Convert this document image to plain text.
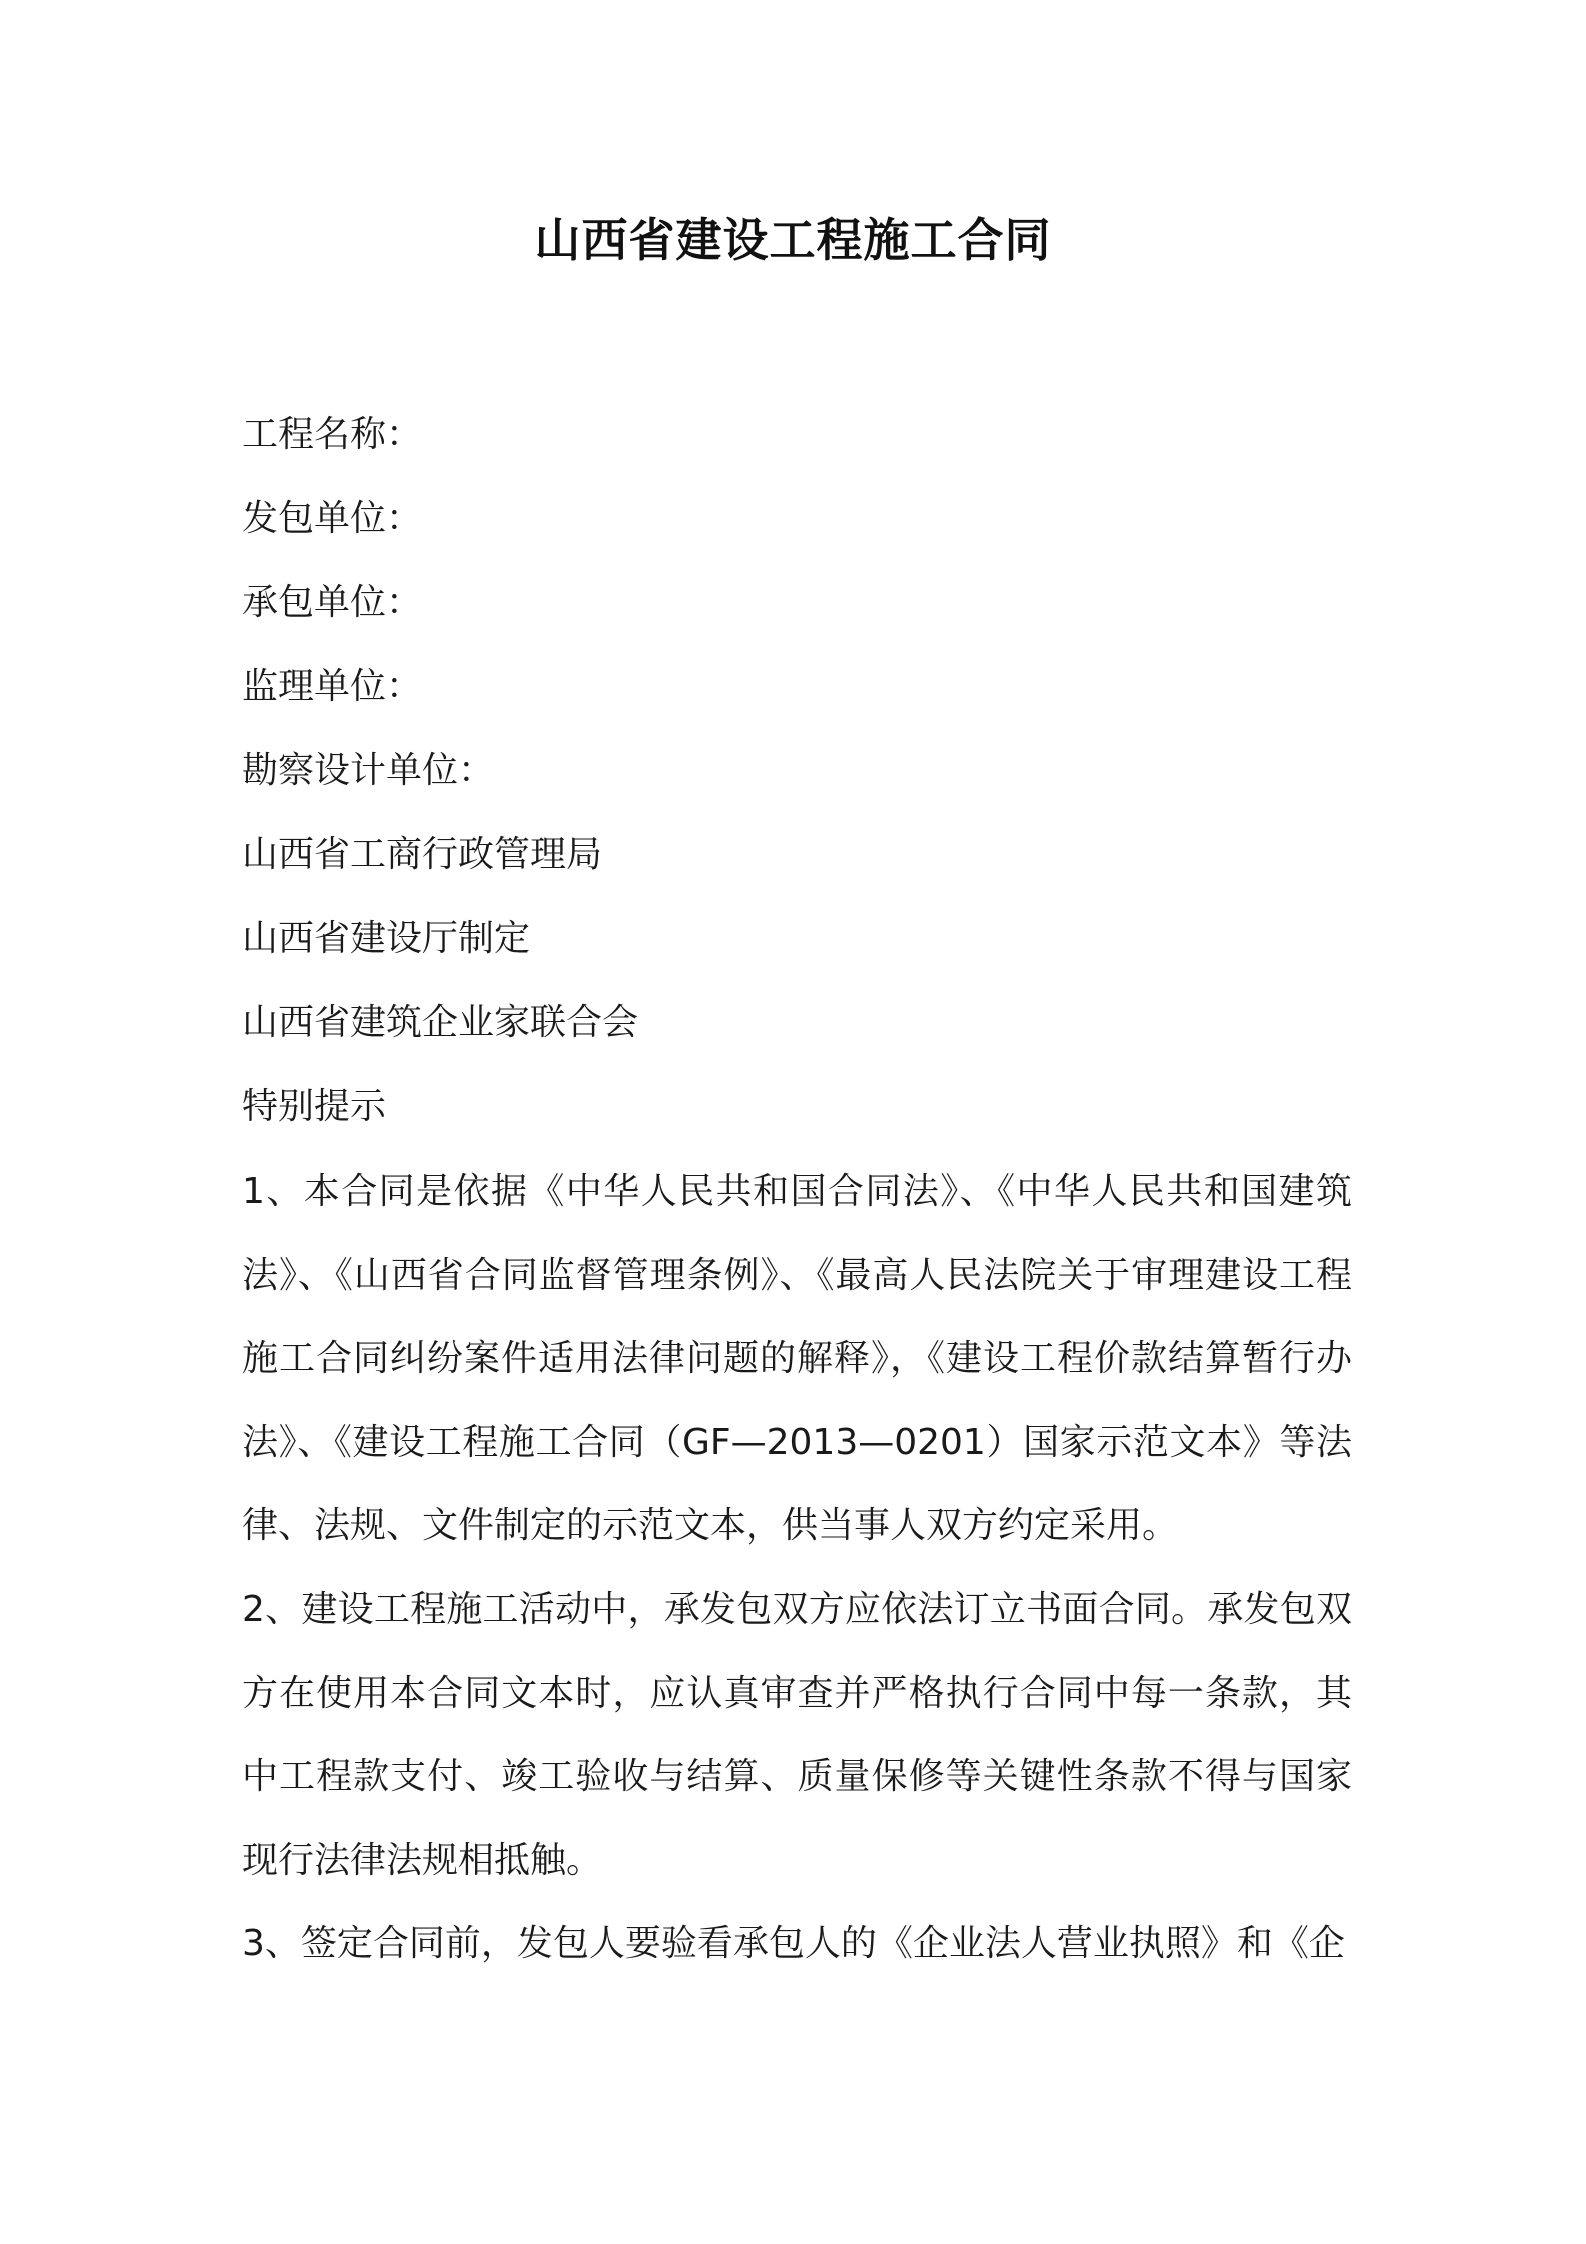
山西省建设工程施工合同
工程名称：
发包单位：
承包单位：
监理单位：
勘察设计单位：
山西省工商行政管理局
山西省建设厅制定
山西省建筑企业家联合会
特别提示
1、本合同是依据《中华人民共和国合同法》、《中华人民共和国建筑法》、《山西省合同监督管理条例》、《最高人民法院关于审理建设工程施工合同纠纷案件适用法律问题的解释》，《建设工程价款结算暂行办法》、《建设工程施工合同（GF—2013—0201）国家示范文本》等法律、法规、文件制定的示范文本，供当事人双方约定采用。
2、建设工程施工活动中，承发包双方应依法订立书面合同。承发包双方在使用本合同文本时，应认真审查并严格执行合同中每一条款，其中工程款支付、竣工验收与结算、质量保修等关键性条款不得与国家现行法律法规相抵触。
3、签定合同前，发包人要验看承包人的《企业法人营业执照》和《企
